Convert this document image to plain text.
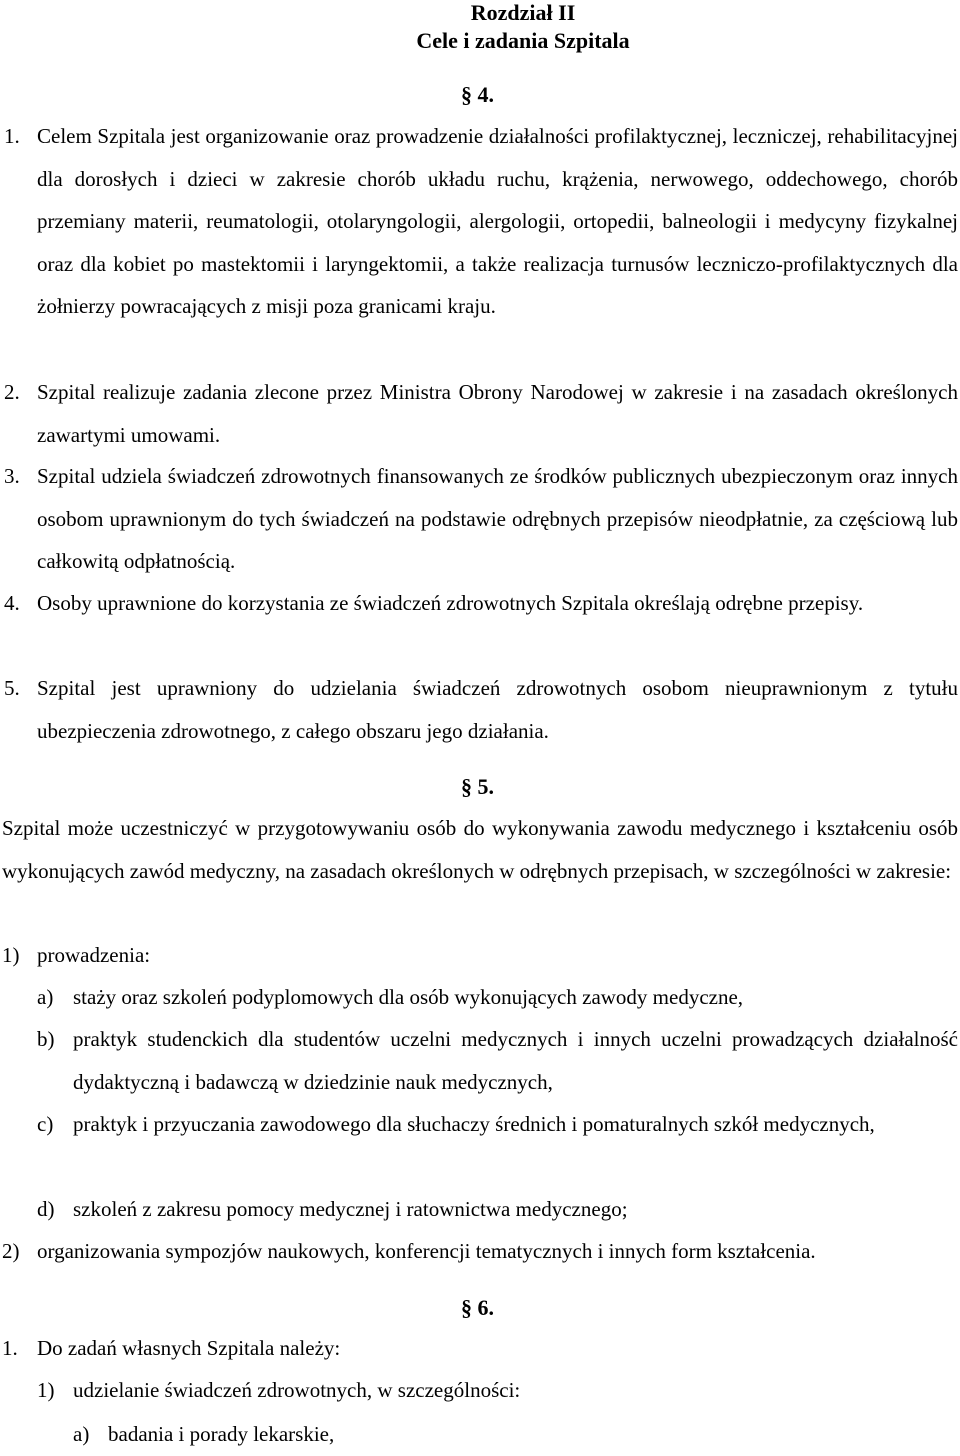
Rozdział II
Cele i zadania Szpitala
§ 4.

1. Celem Szpitala jest organizowanie oraz prowadzenie działalności profilaktycznej, leczniczej, rehabilitacyjnej dla dorosłych i dzieci w zakresie chorób układu ruchu, krążenia, nerwowego, oddechowego, chorób przemiany materii, reumatologii, otolaryngologii, alergologii, ortopedii, balneologii i medycyny fizykalnej oraz dla kobiet po mastektomii i laryngektomii, a także realizacja turnusów leczniczo-profilaktycznych dla żołnierzy powracających z misji poza granicami kraju.

2. Szpital realizuje zadania zlecone przez Ministra Obrony Narodowej w zakresie i na zasadach określonych zawartymi umowami.

3. Szpital udziela świadczeń zdrowotnych finansowanych ze środków publicznych ubezpieczonym oraz innych osobom uprawnionym do tych świadczeń na podstawie odrębnych przepisów nieodpłatnie, za częściową lub całkowitą odpłatnością.

4. Osoby uprawnione do korzystania ze świadczeń zdrowotnych Szpitala określają odrębne przepisy.

5. Szpital jest uprawniony do udzielania świadczeń zdrowotnych osobom nieuprawnionym z tytułu ubezpieczenia zdrowotnego, z całego obszaru jego działania.

§ 5.

Szpital może uczestniczyć w przygotowywaniu osób do wykonywania zawodu medycznego i kształceniu osób wykonujących zawód medyczny, na zasadach określonych w odrębnych przepisach, w szczególności w zakresie:

1) prowadzenia:

a) staży oraz szkoleń podyplomowych dla osób wykonujących zawody medyczne,

b) praktyk studenckich dla studentów uczelni medycznych i innych uczelni prowadzących działalność dydaktyczną i badawczą w dziedzinie nauk medycznych,

c) praktyk i przyuczania zawodowego dla słuchaczy średnich i pomaturalnych szkół medycznych,

d) szkoleń z zakresu pomocy medycznej i ratownictwa medycznego;

2) organizowania sympozjów naukowych, konferencji tematycznych i innych form kształcenia.

§ 6.

1. Do zadań własnych Szpitala należy:

1) udzielanie świadczeń zdrowotnych, w szczególności:

a) badania i porady lekarskie,
